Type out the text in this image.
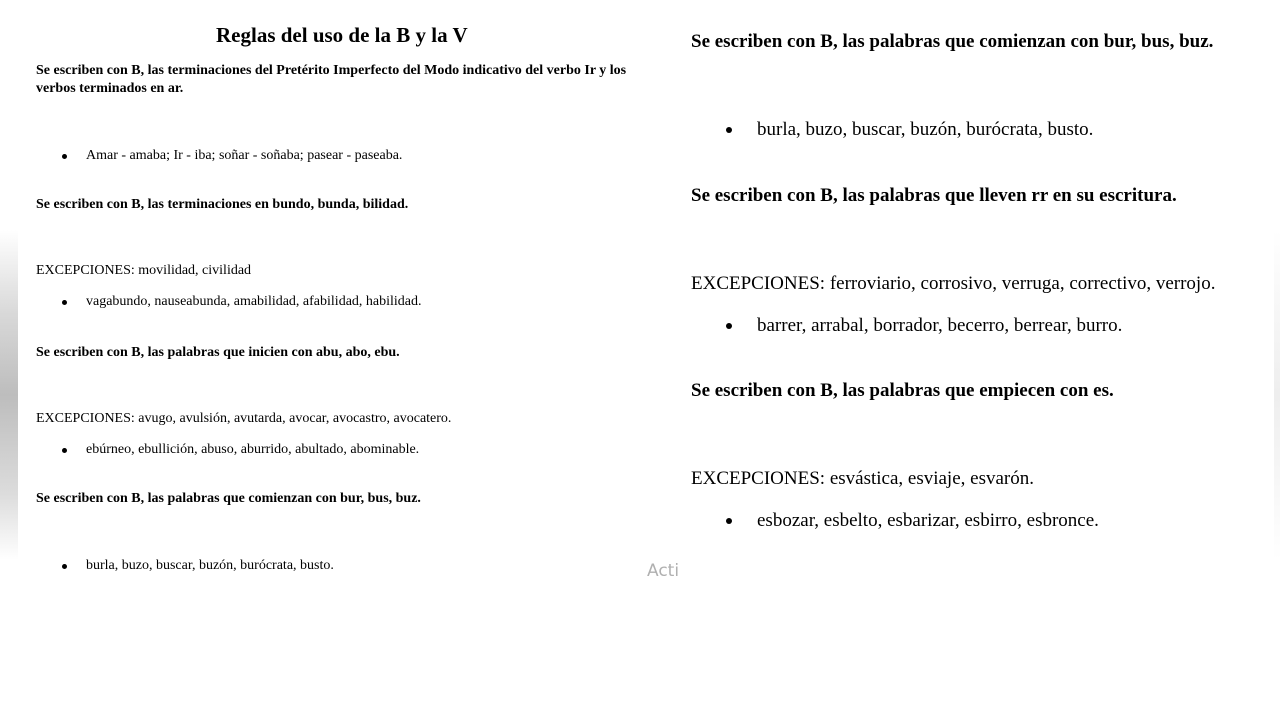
Reglas del uso de la B y la V
Se escriben con B, las terminaciones del Pretérito Imperfecto del Modo indicativo del verbo Ir y los verbos terminados en ar.
Amar - amaba; Ir - iba; soñar - soñaba; pasear - paseaba.
Se escriben con B, las terminaciones en bundo, bunda, bilidad.
EXCEPCIONES: movilidad, civilidad
vagabundo, nauseabunda, amabilidad, afabilidad, habilidad.
Se escriben con B, las palabras que inicien con abu, abo, ebu.
EXCEPCIONES: avugo, avulsión, avutarda, avocar, avocastro, avocatero.
ebúrneo, ebullición, abuso, aburrido, abultado, abominable.
Se escriben con B, las palabras que comienzan con bur, bus, buz.
burla, buzo, buscar, buzón, burócrata, busto.
Se escriben con B, las palabras que comienzan con bur, bus, buz.
burla, buzo, buscar, buzón, burócrata, busto.
Se escriben con B, las palabras que lleven rr en su escritura.
EXCEPCIONES: ferroviario, corrosivo, verruga, correctivo, verrojo.
barrer, arrabal, borrador, becerro, berrear, burro.
Se escriben con B, las palabras que empiecen con es.
EXCEPCIONES: esvástica, esviaje, esvarón.
esbozar, esbelto, esbarizar, esbirro, esbronce.
Acti
